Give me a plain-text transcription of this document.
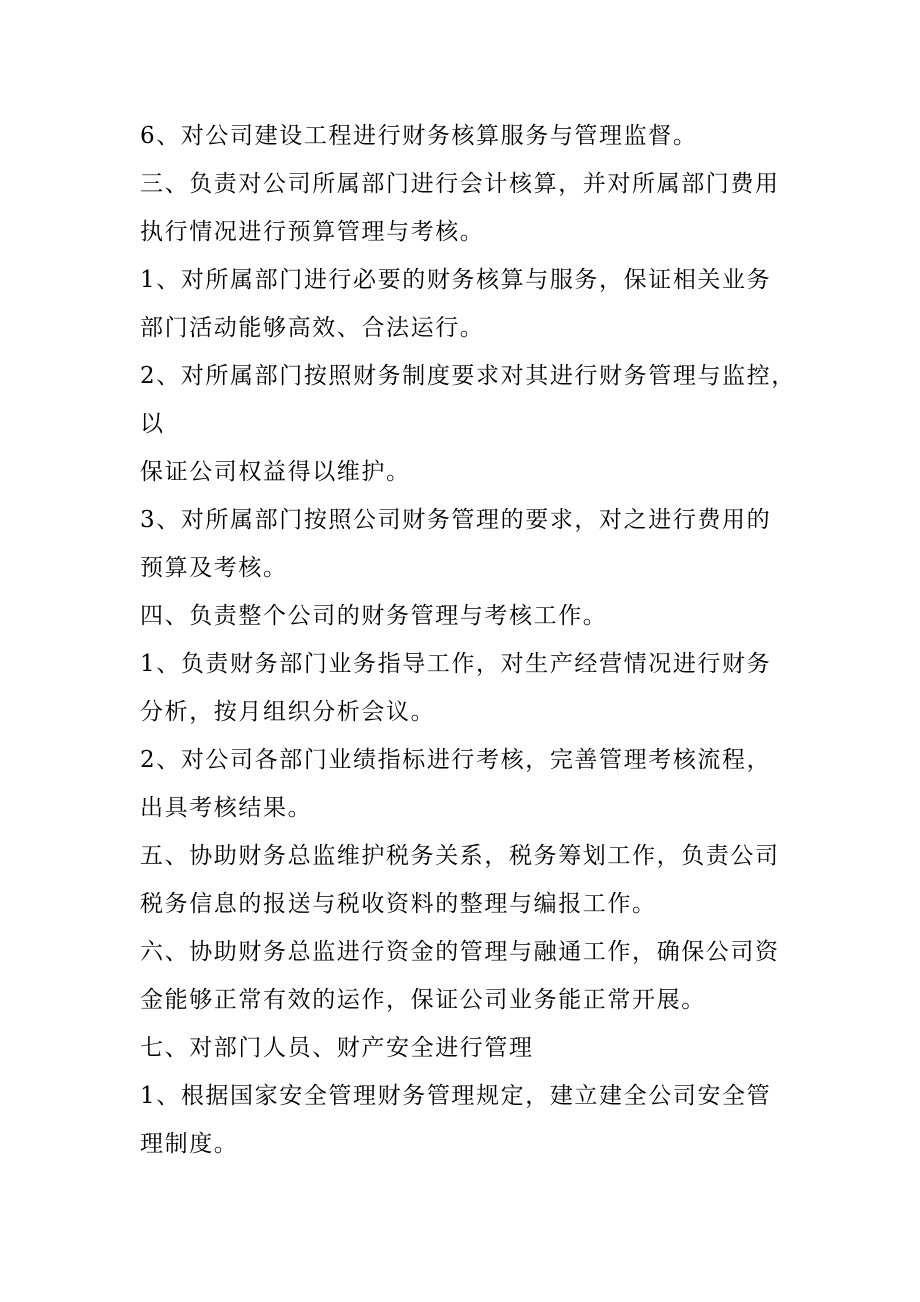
6、对公司建设工程进行财务核算服务与管理监督。

三、负责对公司所属部门进行会计核算，并对所属部门费用

执行情况进行预算管理与考核。

1、对所属部门进行必要的财务核算与服务，保证相关业务

部门活动能够高效、合法运行。

2、对所属部门按照财务制度要求对其进行财务管理与监控，

以

保证公司权益得以维护。

3、对所属部门按照公司财务管理的要求，对之进行费用的

预算及考核。

四、负责整个公司的财务管理与考核工作。

1、负责财务部门业务指导工作，对生产经营情况进行财务

分析，按月组织分析会议。

2、对公司各部门业绩指标进行考核，完善管理考核流程，

出具考核结果。

五、协助财务总监维护税务关系，税务筹划工作，负责公司

税务信息的报送与税收资料的整理与编报工作。

六、协助财务总监进行资金的管理与融通工作，确保公司资

金能够正常有效的运作，保证公司业务能正常开展。

七、对部门人员、财产安全进行管理

1、根据国家安全管理财务管理规定，建立建全公司安全管

理制度。
